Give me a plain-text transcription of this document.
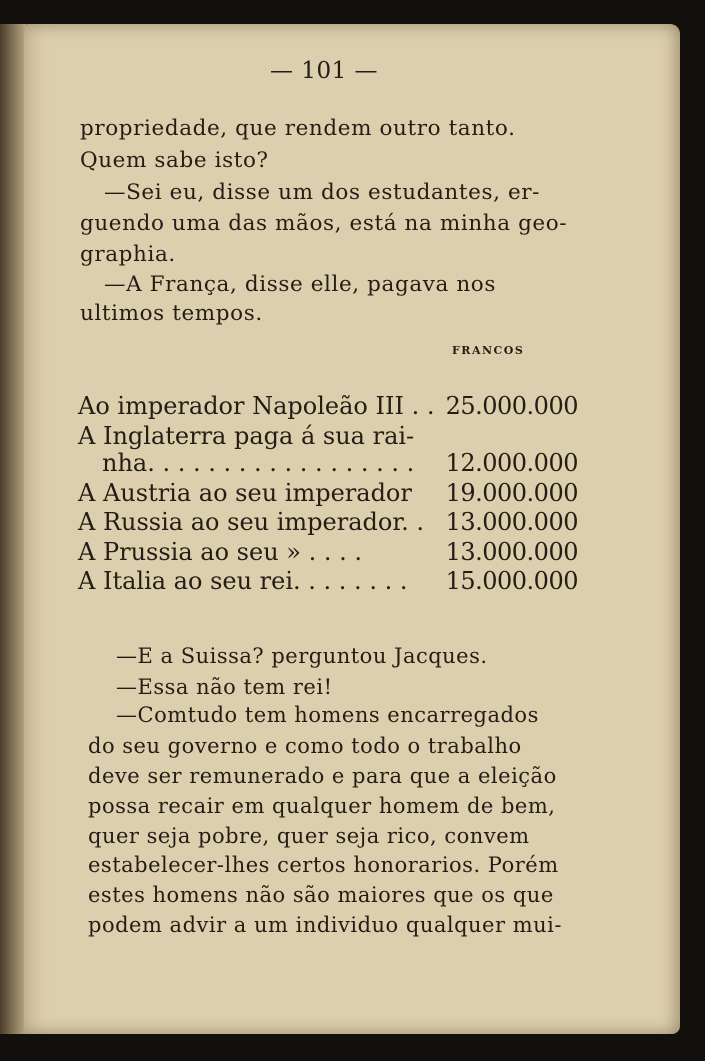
— 101 —
propriedade, que rendem outro tanto.
Quem sabe isto?
—Sei eu, disse um dos estudantes, er-
guendo uma das mãos, está na minha geo-
graphia.
—A França, disse elle, pagava nos
ultimos tempos.
FRANCOS
Ao imperador Napoleão III . . 25.000.000
A Inglaterra paga á sua rai-
nha. . . . . . . . . . . . . . . . . . 12.000.000
A Austria ao seu imperador 19.000.000
A Russia ao seu imperador. . 13.000.000
A Prussia ao seu » . . . .	13.000.000
A Italia ao seu rei. . . . . . . . 15.000.000
—E a Suissa? perguntou Jacques.
—Essa não tem rei!
—Comtudo tem homens encarregados
do seu governo e como todo o trabalho
deve ser remunerado e para que a eleição
possa recair em qualquer homem de bem,
quer seja pobre, quer seja rico, convem
estabelecer-lhes certos honorarios. Porém
estes homens não são maiores que os que
podem advir a um individuo qualquer mui-
